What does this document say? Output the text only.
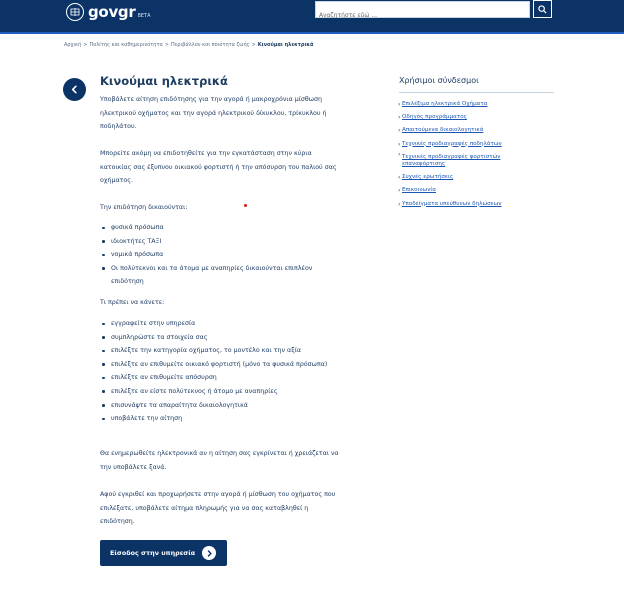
govgr ΒΕΤΑ
Αναζητήστε εδώ ...
Αρχική > Πολίτης και καθημερινότητα > Περιβάλλον και ποιότητα ζωής > Κινούμαι ηλεκτρικά
Κινούμαι ηλεκτρικά

Υποβάλετε αίτηση επιδότησης για την αγορά ή μακροχρόνια μίσθωση ηλεκτρικού οχήματος και την αγορά ηλεκτρικού δίκυκλου, τρίκυκλου ή ποδηλάτου.

Μπορείτε ακόμη να επιδοτηθείτε για την εγκατάσταση στην κύρια κατοικίας σας έξυπνου οικιακού φορτιστή ή την απόσυρση του παλιού σας οχήματος.

Την επιδότηση δικαιούνται:

φυσικά πρόσωπα
ιδιοκτήτες ΤΑΞΙ
νομικά πρόσωπα
Οι πολύτεκνοι και τα άτομα με αναπηρίες δικαιούνται επιπλέον επιδότηση

Τι πρέπει να κάνετε:

εγγραφείτε στην υπηρεσία
συμπληρώστε τα στοιχεία σας
επιλέξτε την κατηγορία οχήματος, το μοντέλο και την αξία
επιλέξτε αν επιθυμείτε οικιακό φορτιστή (μόνο τα φυσικά πρόσωπα)
επιλέξτε αν επιθυμείτε απόσυρση
επιλέξτε αν είστε πολύτεκνος ή άτομο με αναπηρίες
επισυνάψτε τα απαραίτητα δικαιολογητικά
υποβάλετε την αίτηση

Θα ενημερωθείτε ηλεκτρονικά αν η αίτηση σας εγκρίνεται ή χρειάζεται να την υποβάλετε ξανά.

Αφού εγκριθεί και προχωρήσετε στην αγορά ή μίσθωση του οχήματος που επιλέξατε, υποβάλετε αίτημα πληρωμής για να σας καταβληθεί η επιδότηση.

Είσοδος στην υπηρεσία
Χρήσιμοι σύνδεσμοι
› Επιλέξιμα ηλεκτρικά Οχήματα
› Οδηγός προγράμματος
› Απαιτούμενα δικαιολογητικά
› Τεχνικές προδιαγραφές ποδηλάτων
› Τεχνικές προδιαγραφές φορτιστών επαναφόρτισης
› Συχνές ερωτήσεις
› Επικοινωνία
› Υποδείγματα υπεύθυνων δηλώσεων
